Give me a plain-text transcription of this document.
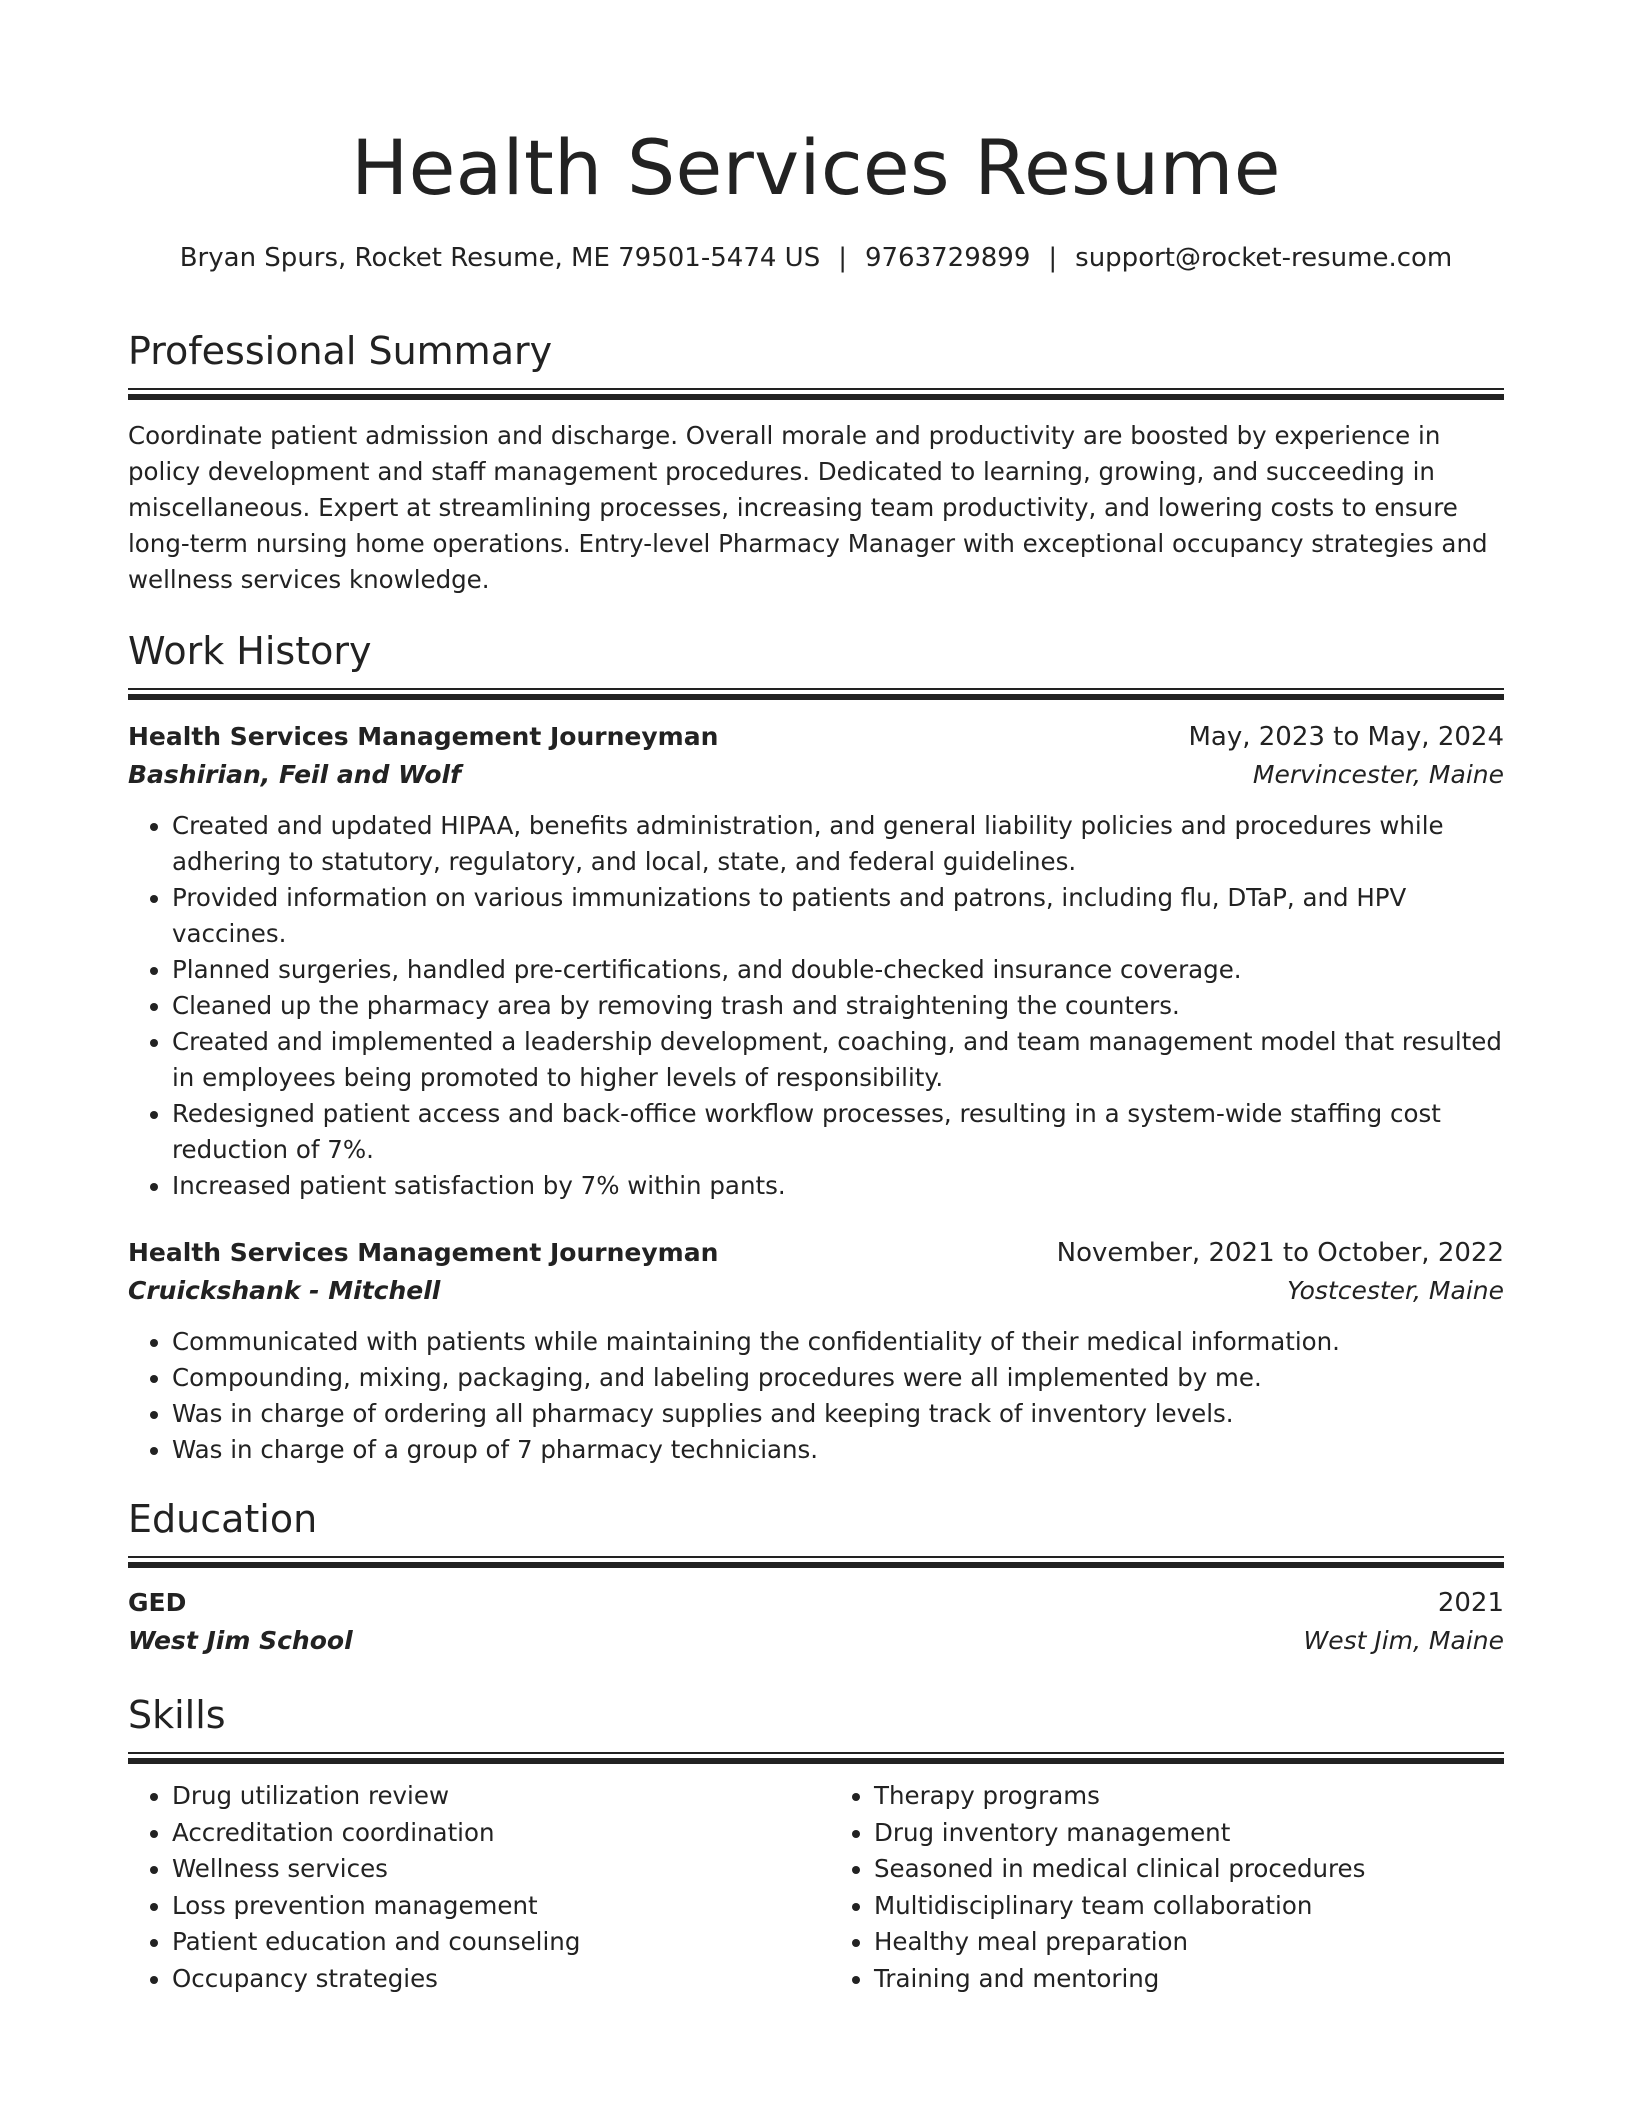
Health Services Resume
Bryan Spurs, Rocket Resume, ME 79501-5474 US | 9763729899 | support@rocket-resume.com
Professional Summary

Coordinate patient admission and discharge. Overall morale and productivity are boosted by experience in policy development and staff management procedures. Dedicated to learning, growing, and succeeding in miscellaneous. Expert at streamlining processes, increasing team productivity, and lowering costs to ensure long-term nursing home operations. Entry-level Pharmacy Manager with exceptional occupancy strategies and wellness services knowledge.

Work History
Health Services Management Journeyman	May, 2023 to May, 2024
Bashirian, Feil and Wolf	Mervincester, Maine
• Created and updated HIPAA, benefits administration, and general liability policies and procedures while adhering to statutory, regulatory, and local, state, and federal guidelines.
• Provided information on various immunizations to patients and patrons, including flu, DTaP, and HPV vaccines.
• Planned surgeries, handled pre-certifications, and double-checked insurance coverage.
• Cleaned up the pharmacy area by removing trash and straightening the counters.
• Created and implemented a leadership development, coaching, and team management model that resulted in employees being promoted to higher levels of responsibility.
• Redesigned patient access and back-office workflow processes, resulting in a system-wide staffing cost reduction of 7%.
• Increased patient satisfaction by 7% within pants.
Health Services Management Journeyman	November, 2021 to October, 2022
Cruickshank - Mitchell	Yostcester, Maine
• Communicated with patients while maintaining the confidentiality of their medical information.
• Compounding, mixing, packaging, and labeling procedures were all implemented by me.
• Was in charge of ordering all pharmacy supplies and keeping track of inventory levels.
• Was in charge of a group of 7 pharmacy technicians.
Education
GED	2021
West Jim School	West Jim, Maine
Skills
• Drug utilization review
• Accreditation coordination
• Wellness services
• Loss prevention management
• Patient education and counseling
• Occupancy strategies
• Therapy programs
• Drug inventory management
• Seasoned in medical clinical procedures
• Multidisciplinary team collaboration
• Healthy meal preparation
• Training and mentoring
